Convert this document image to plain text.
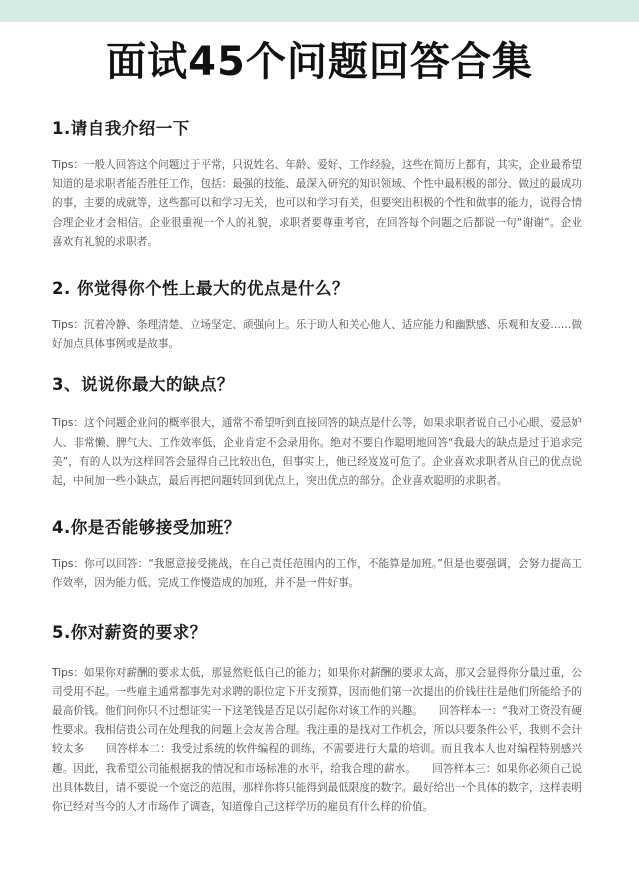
面试45个问题回答合集

1.请自我介绍一下

Tips：一般人回答这个问题过于平常，只说姓名、年龄、爱好、工作经验，这些在简历上都有，其实，企业最希望知道的是求职者能否胜任工作，包括：最强的技能、最深入研究的知识领域、个性中最积极的部分、做过的最成功的事，主要的成就等，这些都可以和学习无关，也可以和学习有关，但要突出积极的个性和做事的能力，说得合情合理企业才会相信。企业很重视一个人的礼貌，求职者要尊重考官，在回答每个问题之后都说一句“谢谢”。企业喜欢有礼貌的求职者。

2. 你觉得你个性上最大的优点是什么？

Tips：沉着冷静、条理清楚、立场坚定、顽强向上。乐于助人和关心他人、适应能力和幽默感、乐观和友爱……做好加点具体事例或是故事。

3、说说你最大的缺点？

Tips：这个问题企业问的概率很大，通常不希望听到直接回答的缺点是什么等，如果求职者说自己小心眼、爱忌妒人、非常懒、脾气大、工作效率低，企业肯定不会录用你。绝对不要自作聪明地回答“我最大的缺点是过于追求完美”，有的人以为这样回答会显得自己比较出色，但事实上，他已经岌岌可危了。企业喜欢求职者从自己的优点说起，中间加一些小缺点，最后再把问题转回到优点上，突出优点的部分。企业喜欢聪明的求职者。

4.你是否能够接受加班？

Tips：你可以回答：“我愿意接受挑战，在自己责任范围内的工作，不能算是加班。”但是也要强调，会努力提高工作效率，因为能力低、完成工作慢造成的加班，并不是一件好事。

5.你对薪资的要求？

Tips：如果你对薪酬的要求太低，那显然贬低自己的能力；如果你对薪酬的要求太高，那又会显得你分量过重，公司受用不起。一些雇主通常都事先对求聘的职位定下开支预算，因而他们第一次提出的价钱往往是他们所能给予的最高价钱。他们问你只不过想证实一下这笔钱是否足以引起你对该工作的兴趣。　　回答样本一：“我对工资没有硬性要求。我相信贵公司在处理我的问题上会友善合理。我注重的是找对工作机会，所以只要条件公平，我则不会计较太多　　回答样本二：我受过系统的软件编程的训练，不需要进行大量的培训。而且我本人也对编程特别感兴趣。因此，我希望公司能根据我的情况和市场标准的水平，给我合理的薪水。　　回答样本三：如果你必须自己说出具体数目，请不要说一个宽泛的范围，那样你将只能得到最低限度的数字。最好给出一个具体的数字，这样表明你已经对当今的人才市场作了调查，知道像自己这样学历的雇员有什么样的价值。
